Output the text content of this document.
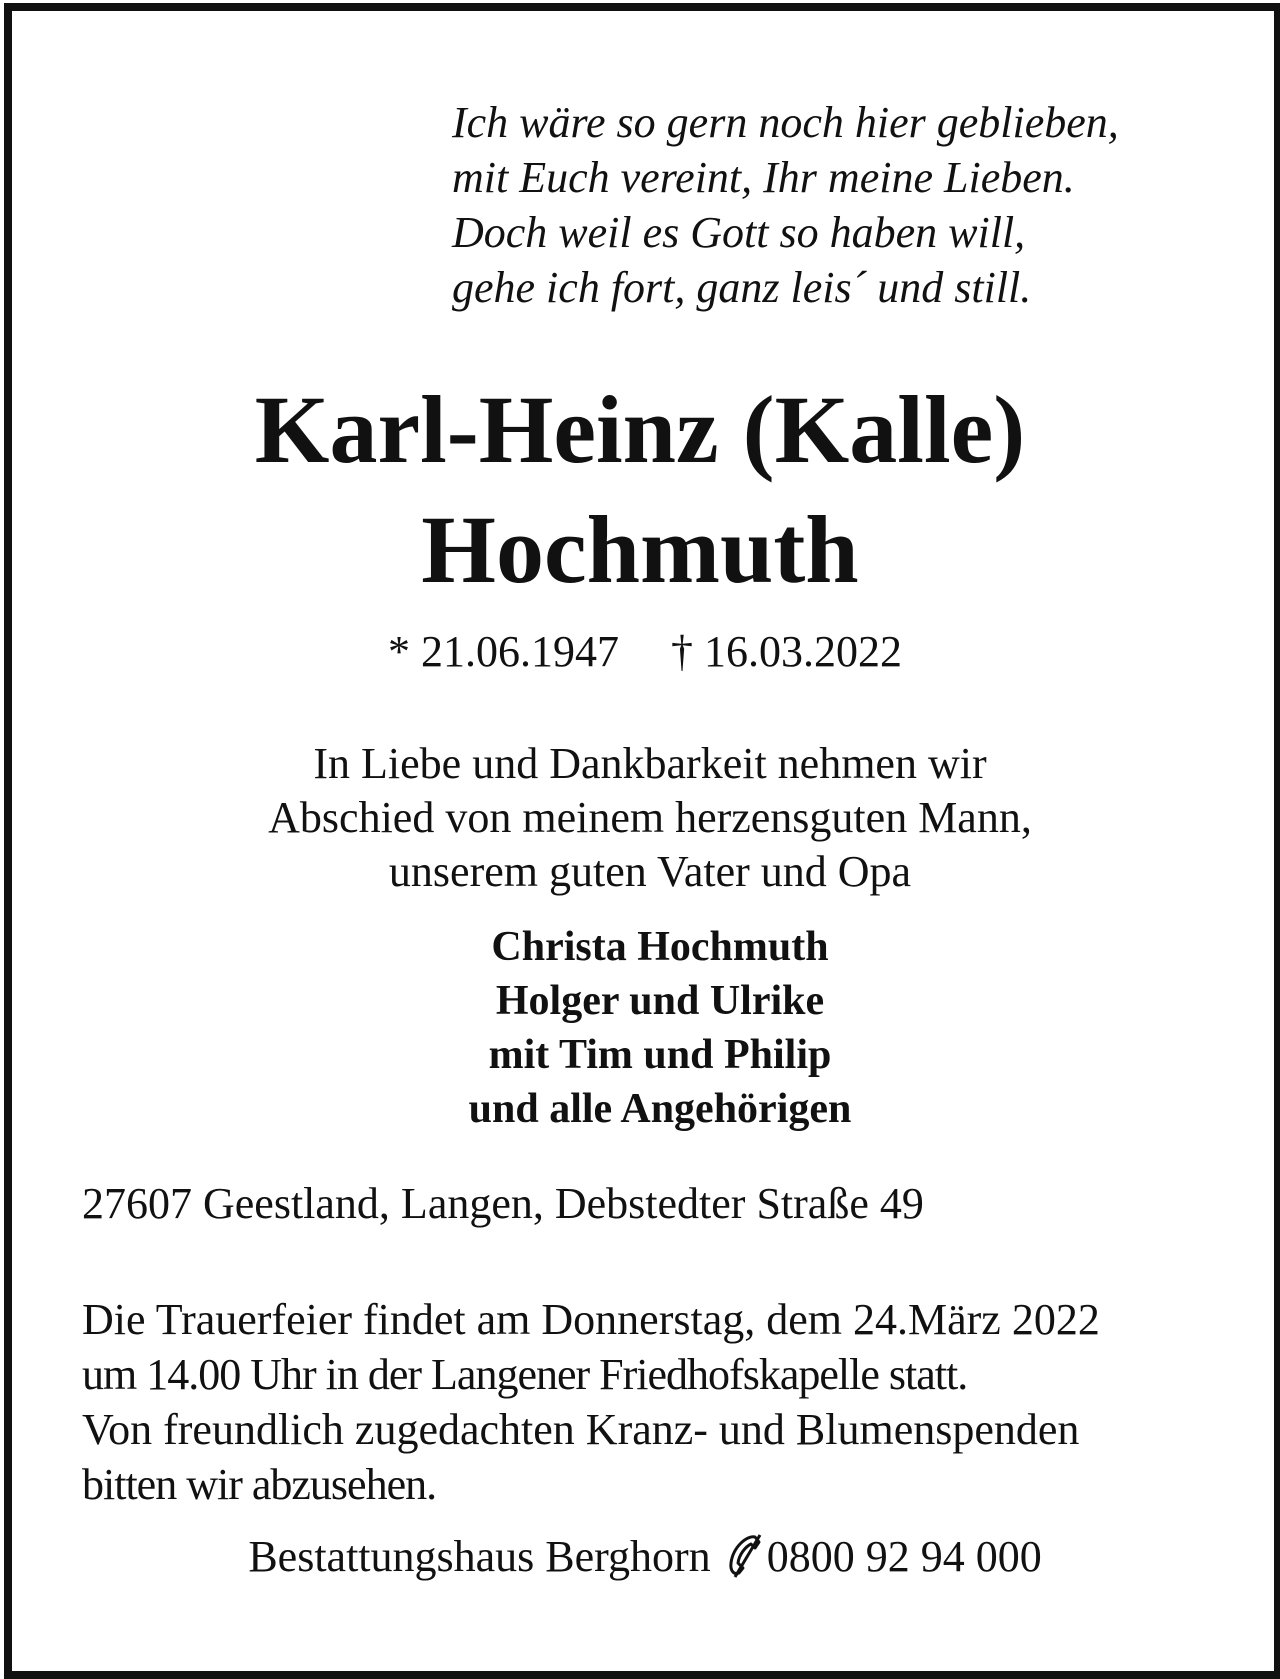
Ich wäre so gern noch hier geblieben,
mit Euch vereint, Ihr meine Lieben.
Doch weil es Gott so haben will,
gehe ich fort, ganz leis´ und still.
Karl-Heinz (Kalle)
Hochmuth
* 21.06.1947 † 16.03.2022
In Liebe und Dankbarkeit nehmen wir
Abschied von meinem herzensguten Mann,
unserem guten Vater und Opa
Christa Hochmuth
Holger und Ulrike
mit Tim und Philip
und alle Angehörigen
27607 Geestland, Langen, Debstedter Straße 49
Die Trauerfeier findet am Donnerstag, dem 24.März 2022
um 14.00 Uhr in der Langener Friedhofskapelle statt.
Von freundlich zugedachten Kranz- und Blumenspenden
bitten wir abzusehen.
Bestattungshaus Berghorn 0800 92 94 000
